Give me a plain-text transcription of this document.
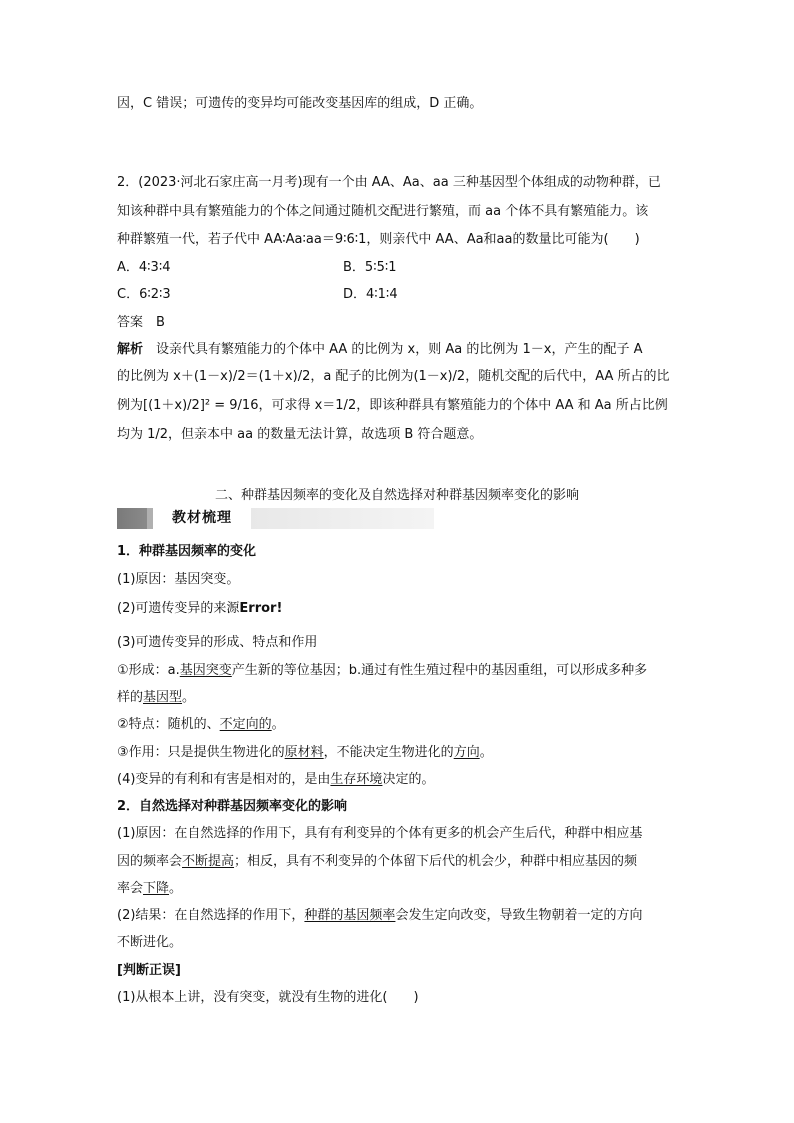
因，C 错误；可遗传的变异均可能改变基因库的组成，D 正确。
2．(2023·河北石家庄高一月考)现有一个由 AA、Aa、aa 三种基因型个体组成的动物种群，已
知该种群中具有繁殖能力的个体之间通过随机交配进行繁殖，而 aa 个体不具有繁殖能力。该
种群繁殖一代，若子代中 AA∶Aa∶aa＝9∶6∶1，则亲代中 AA、Aa和aa的数量比可能为(　　)
A．4∶3∶4	B．5∶5∶1
C．6∶2∶3	D．4∶1∶4
答案 B
解析 设亲代具有繁殖能力的个体中 AA 的比例为 x，则 Aa 的比例为 1－x，产生的配子 A
的比例为 x＋(1－x)/2＝(1＋x)/2，a 配子的比例为(1－x)/2，随机交配的后代中，AA 所占的比
例为[(1＋x)/2]² = 9/16，可求得 x＝1/2，即该种群具有繁殖能力的个体中 AA 和 Aa 所占比例
均为 1/2，但亲本中 aa 的数量无法计算，故选项 B 符合题意。
二、种群基因频率的变化及自然选择对种群基因频率变化的影响
教材梳理
1．种群基因频率的变化
(1)原因：基因突变。
(2)可遗传变异的来源Error!
(3)可遗传变异的形成、特点和作用
①形成：a.基因突变产生新的等位基因；b.通过有性生殖过程中的基因重组，可以形成多种多
样的基因型。
②特点：随机的、不定向的。
③作用：只是提供生物进化的原材料，不能决定生物进化的方向。
(4)变异的有利和有害是相对的，是由生存环境决定的。
2．自然选择对种群基因频率变化的影响
(1)原因：在自然选择的作用下，具有有利变异的个体有更多的机会产生后代，种群中相应基
因的频率会不断提高；相反，具有不利变异的个体留下后代的机会少，种群中相应基因的频
率会下降。
(2)结果：在自然选择的作用下，种群的基因频率会发生定向改变，导致生物朝着一定的方向
不断进化。
[判断正误]
(1)从根本上讲，没有突变，就没有生物的进化(　　)
